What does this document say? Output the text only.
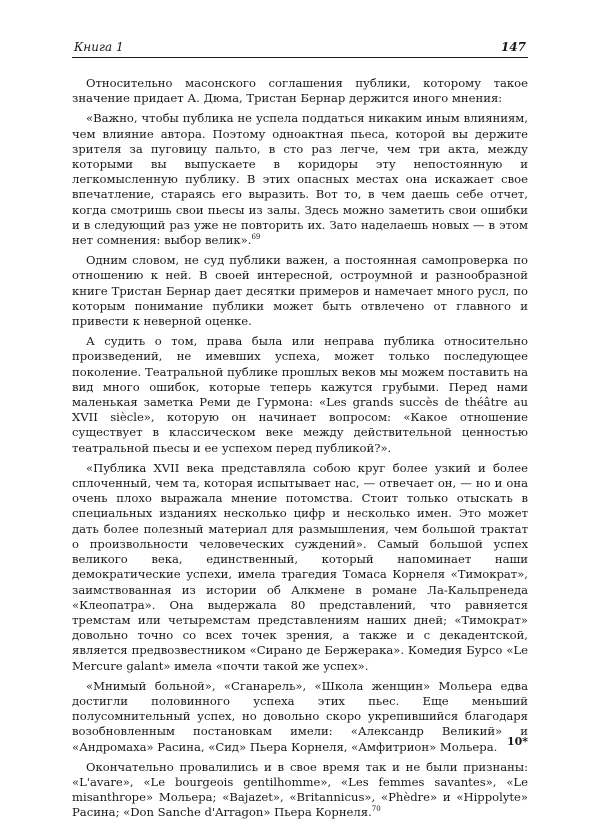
Книга 1	147

Относительно масонского соглашения публики, которому такое значение придает А. Дюма, Тристан Бернар держится иного мнения:

«Важно, чтобы публика не успела поддаться никаким иным влияниям, чем влияние автора. Поэтому одноактная пьеса, которой вы держите зрителя за пуговицу пальто, в сто раз легче, чем три акта, между которыми вы выпускаете в коридоры эту непостоянную и легкомысленную публику. В этих опасных местах она искажает свое впечатление, стараясь его выразить. Вот то, в чем даешь себе отчет, когда смотришь свои пьесы из залы. Здесь можно заметить свои ошибки и в следующий раз уже не повторить их. Зато наделаешь новых — в этом нет сомнения: выбор велик».$^{69}$

Одним словом, не суд публики важен, а постоянная самопроверка по отношению к ней. В своей интересной, остроумной и разнообразной книге Тристан Бернар дает десятки примеров и намечает много русл, по которым понимание публики может быть отвлечено от главного и привести к неверной оценке.

А судить о том, права была или неправа публика относительно произведений, не имевших успеха, может только последующее поколение. Театральной публике прошлых веков мы можем поставить на вид много ошибок, которые теперь кажутся грубыми. Перед нами маленькая заметка Реми де Гурмона: «Les grands succès de théâtre au XVII siècle», которую он начинает вопросом: «Какое отношение существует в классическом веке между действительной ценностью театральной пьесы и ее успехом перед публикой?».

«Публика XVII века представляла собою круг более узкий и более сплоченный, чем та, которая испытывает нас, — отвечает он, — но и она очень плохо выражала мнение потомства. Стоит только отыскать в специальных изданиях несколько цифр и несколько имен. Это может дать более полезный материал для размышления, чем большой трактат о произвольности человеческих суждений». Самый большой успех великого века, единственный, который напоминает наши демократические успехи, имела трагедия Томаса Корнеля «Тимократ», заимствованная из истории об Алкмене в романе Ла-Кальпренеда «Клеопатра». Она выдержала 80 представлений, что равняется тремстам или четыремстам представлениям наших дней; «Тимократ» довольно точно со всех точек зрения, а также и с декадентской, является предвозвестником «Сирано де Бержерака». Комедия Бурсо «Le Mercure galant» имела «почти такой же успех».

«Мнимый больной», «Сганарель», «Школа женщин» Мольера едва достигли половинного успеха этих пьес. Еще меньший полусомнительный успех, но довольно скоро укрепившийся благодаря возобновленным постановкам имели: «Александр Великий» и «Андромаха» Расина, «Сид» Пьера Корнеля, «Амфитрион» Мольера.

Окончательно провалились и в свое время так и не были признаны: «L'avare», «Le bourgeois gentilhomme», «Les femmes savantes», «Le misanthrope» Мольера; «Bajazet», «Britannicus», «Phèdre» и «Hippolyte» Расина; «Don Sanche d'Arragon» Пьера Корнеля.$^{70}$

10*
